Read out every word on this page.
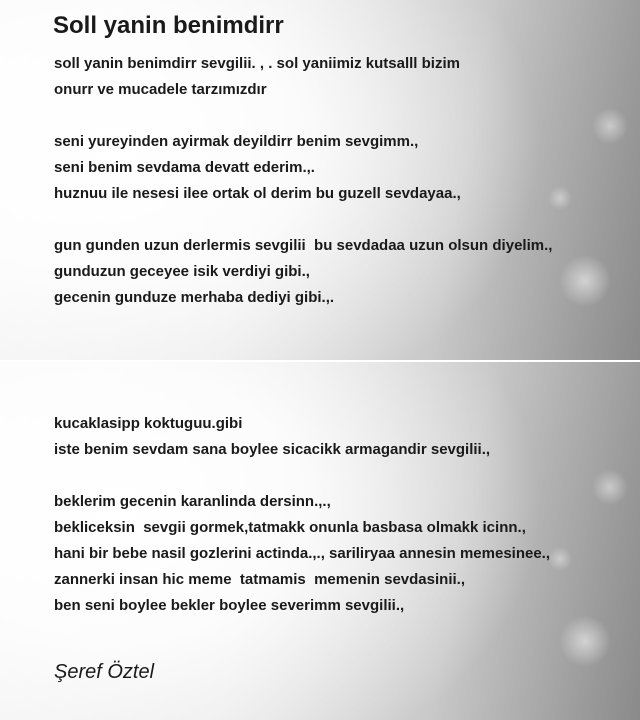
Soll yanin benimdirr

soll yanin benimdirr sevgilii. , . sol yaniimiz kutsalll bizim
onurr ve mucadele tarzımızdır

seni yureyinden ayirmak deyildirr benim sevgimm.,
seni benim sevdama devatt ederim.,.
huznuu ile nesesi ilee ortak ol derim bu guzell sevdayaa.,

gun gunden uzun derlermis sevgilii  bu sevdadaa uzun olsun diyelim.,
gunduzun geceyee isik verdiyi gibi.,
gecenin gunduze merhaba dediyi gibi.,.

kucaklasipp koktuguu.gibi
iste benim sevdam sana boylee sicacikk armagandir sevgilii.,

beklerim gecenin karanlinda dersinn.,.,
bekliceksin  sevgii gormek,tatmakk onunla basbasa olmakk icinn.,
hani bir bebe nasil gozlerini actinda.,., sariliryaa annesin memesinee.,
zannerki insan hic meme  tatmamis  memenin sevdasinii.,
ben seni boylee bekler boylee severimm sevgilii.,

Şeref Öztel
